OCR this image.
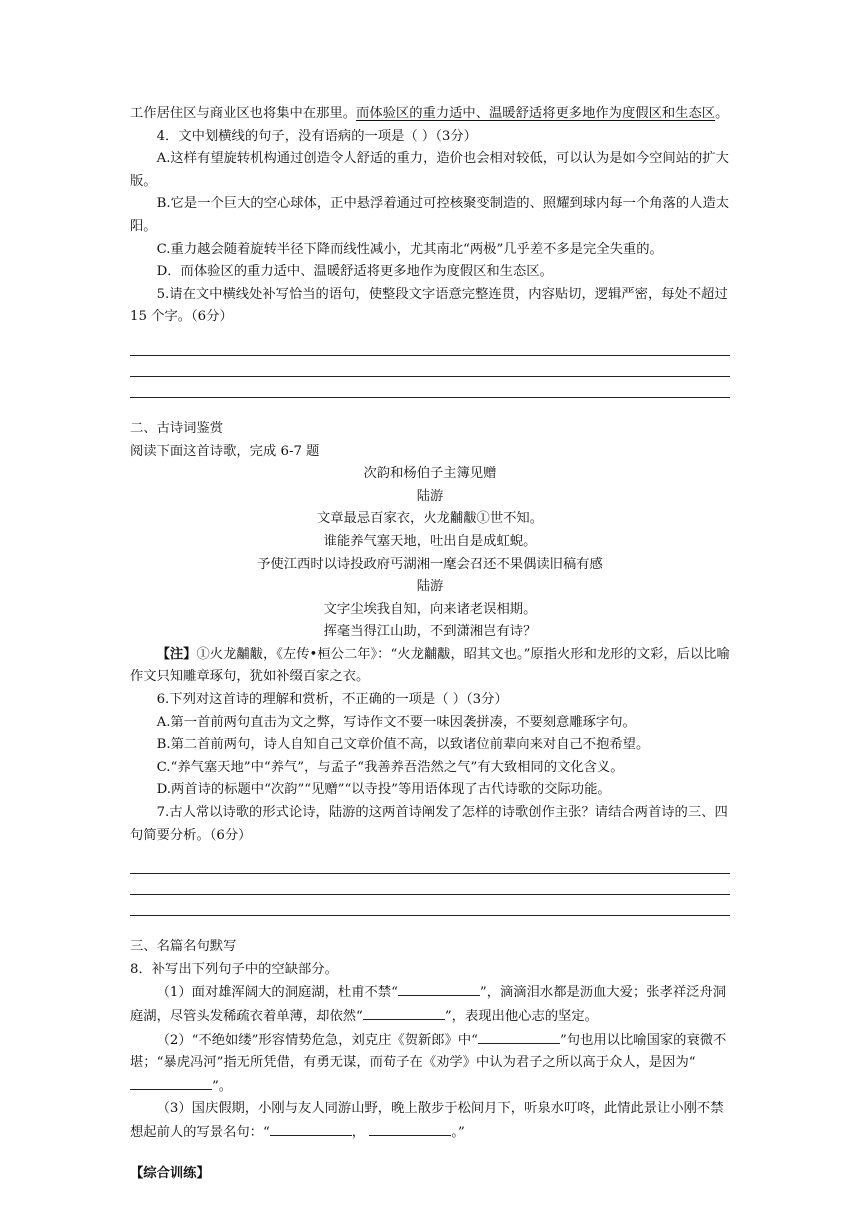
工作居住区与商业区也将集中在那里。而体验区的重力适中、温暖舒适将更多地作为度假区和生态区。

4．文中划横线的句子，没有语病的一项是（ ）（3分）

A.这样有望旋转机构通过创造令人舒适的重力，造价也会相对较低，可以认为是如今空间站的扩大版。

B.它是一个巨大的空心球体，正中悬浮着通过可控核聚变制造的、照耀到球内每一个角落的人造太阳。

C.重力越会随着旋转半径下降而线性减小，尤其南北“两极”几乎差不多是完全失重的。

D．而体验区的重力适中、温暖舒适将更多地作为度假区和生态区。

5.请在文中横线处补写恰当的语句，使整段文字语意完整连贯，内容贴切，逻辑严密，每处不超过 15 个字。（6分）

二、古诗词鉴赏

阅读下面这首诗歌，完成 6-7 题

次韵和杨伯子主簿见赠

陆游

文章最忌百家衣，火龙黼黻①世不知。

谁能养气塞天地，吐出自是成虹蜺。

予使江西时以诗投政府丐湖湘一麾会召还不果偶读旧稿有感

陆游

文字尘埃我自知，向来诸老误相期。

挥毫当得江山助，不到潇湘岂有诗？

【注】①火龙黼黻，《左传•桓公二年》：“火龙黼黻，昭其文也。”原指火形和龙形的文彩，后以比喻作文只知雕章琢句，犹如补缀百家之衣。

6.下列对这首诗的理解和赏析，不正确的一项是（ ）（3分）

A.第一首前两句直击为文之弊，写诗作文不要一味因袭拼凑，不要刻意雕琢字句。

B.第二首前两句，诗人自知自己文章价值不高，以致诸位前辈向来对自己不抱希望。

C.“养气塞天地”中“养气”，与孟子“我善养吾浩然之气”有大致相同的文化含义。

D.两首诗的标题中“次韵”“见赠”“以寺投”等用语体现了古代诗歌的交际功能。

7.古人常以诗歌的形式论诗，陆游的这两首诗阐发了怎样的诗歌创作主张？请结合两首诗的三、四句简要分析。（6分）

三、名篇名句默写

8．补写出下列句子中的空缺部分。

（1）面对雄浑阔大的洞庭湖，杜甫不禁“	”，滴滴泪水都是沥血大爱；张孝祥泛舟洞庭湖，尽管头发稀疏衣着单薄，却依然“	”，表现出他心志的坚定。

（2）“不绝如缕”形容情势危急，刘克庄《贺新郎》中“	”句也用以比喻国家的衰微不堪；“暴虎冯河”指无所凭借，有勇无谋，而荀子在《劝学》中认为君子之所以高于众人，是因为“”。

（3）国庆假期，小刚与友人同游山野，晚上散步于松间月下，听泉水叮咚，此情此景让小刚不禁想起前人的写景名句：“	，	。”

【综合训练】
